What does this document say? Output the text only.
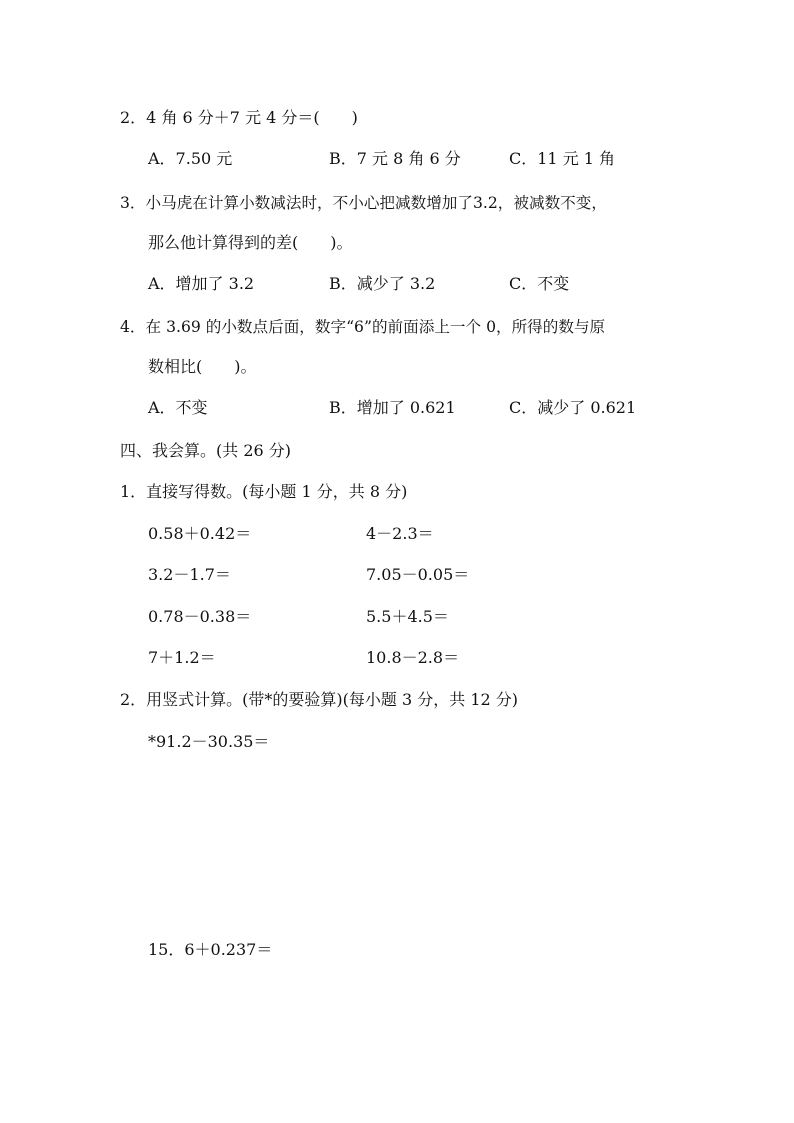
2．4 角 6 分＋7 元 4 分＝(　　)
A．7.50 元	B．7 元 8 角 6 分	C．11 元 1 角
3．小马虎在计算小数减法时，不小心把减数增加了3.2，被减数不变，
那么他计算得到的差(　　)。
A．增加了 3.2	B．减少了 3.2	C．不变
4．在 3.69 的小数点后面，数字“6”的前面添上一个 0，所得的数与原
数相比(　　)。
A．不变	B．增加了 0.621	C．减少了 0.621
四、我会算。(共 26 分)
1．直接写得数。(每小题 1 分，共 8 分)
0.58＋0.42＝	4－2.3＝
3.2－1.7＝	7.05－0.05＝
0.78－0.38＝	5.5＋4.5＝
7＋1.2＝	10.8－2.8＝
2．用竖式计算。(带*的要验算)(每小题 3 分，共 12 分)
*91.2－30.35＝
15．6＋0.237＝
